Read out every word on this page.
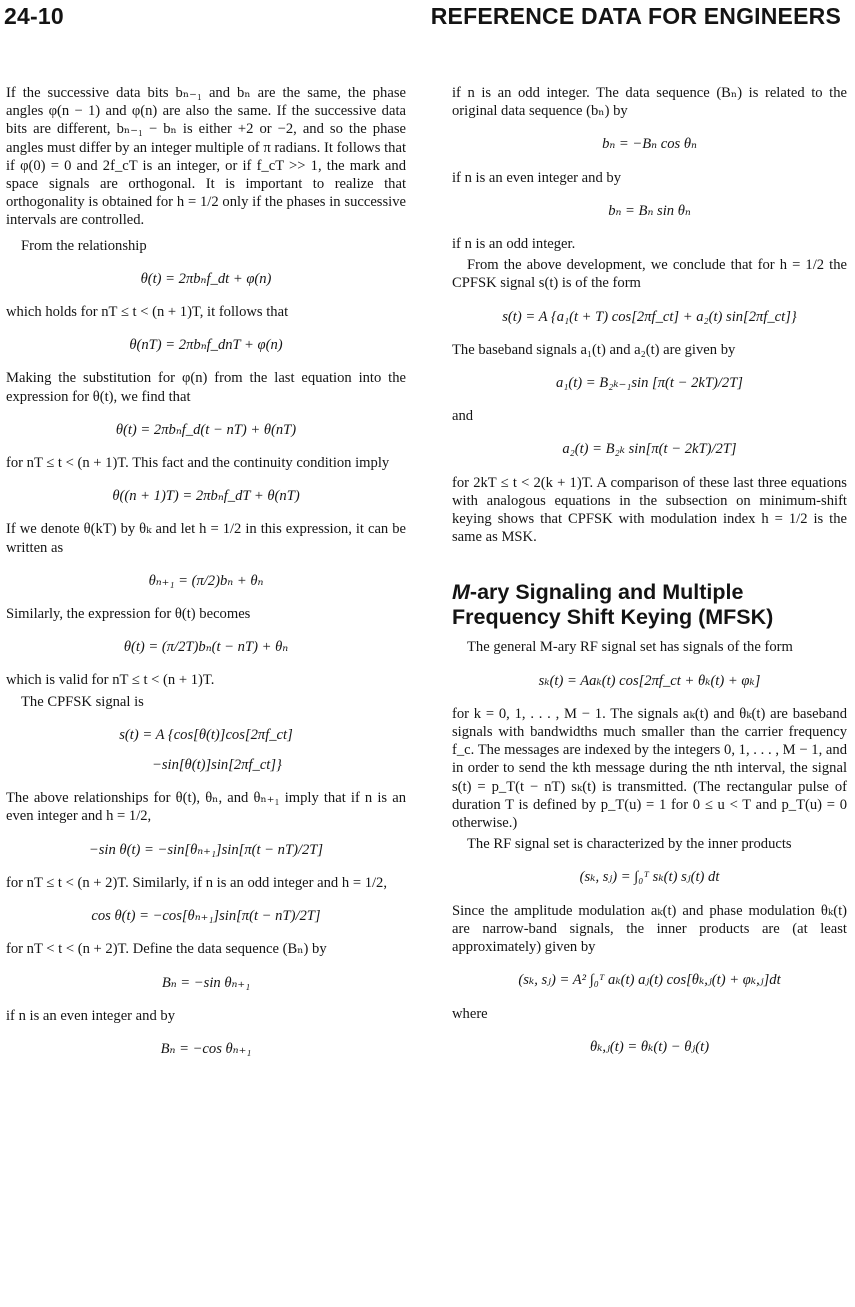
24-10	REFERENCE DATA FOR ENGINEERS

If the successive data bits bₙ₋₁ and bₙ are the same, the phase angles φ(n − 1) and φ(n) are also the same. If the successive data bits are different, bₙ₋₁ − bₙ is either +2 or −2, and so the phase angles must differ by an integer multiple of π radians. It follows that if φ(0) = 0 and 2f_cT is an integer, or if f_cT >> 1, the mark and space signals are orthogonal. It is important to realize that orthogonality is obtained for h = 1/2 only if the phases in successive intervals are controlled.

From the relationship

θ(t) = 2πbₙf_dt + φ(n)

which holds for nT ≤ t < (n + 1)T, it follows that

θ(nT) = 2πbₙf_dnT + φ(n)

Making the substitution for φ(n) from the last equation into the expression for θ(t), we find that

θ(t) = 2πbₙf_d(t − nT) + θ(nT)

for nT ≤ t < (n + 1)T. This fact and the continuity condition imply

θ((n + 1)T) = 2πbₙf_dT + θ(nT)

If we denote θ(kT) by θₖ and let h = 1/2 in this expression, it can be written as

θₙ₊₁ = (π/2)bₙ + θₙ

Similarly, the expression for θ(t) becomes

θ(t) = (π/2T)bₙ(t − nT) + θₙ

which is valid for nT ≤ t < (n + 1)T.

The CPFSK signal is

s(t) = A {cos[θ(t)]cos[2πf_ct]
−sin[θ(t)]sin[2πf_ct]}

The above relationships for θ(t), θₙ, and θₙ₊₁ imply that if n is an even integer and h = 1/2,

−sin θ(t) = −sin[θₙ₊₁]sin[π(t − nT)/2T]

for nT ≤ t < (n + 2)T. Similarly, if n is an odd integer and h = 1/2,

cos θ(t) = −cos[θₙ₊₁]sin[π(t − nT)/2T]

for nT < t < (n + 2)T. Define the data sequence (Bₙ) by

Bₙ = −sin θₙ₊₁

if n is an even integer and by

Bₙ = −cos θₙ₊₁

if n is an odd integer. The data sequence (Bₙ) is related to the original data sequence (bₙ) by

bₙ = −Bₙ cos θₙ

if n is an even integer and by

bₙ = Bₙ sin θₙ

if n is an odd integer.

From the above development, we conclude that for h = 1/2 the CPFSK signal s(t) is of the form

s(t) = A {a₁(t + T) cos[2πf_ct] + a₂(t) sin[2πf_ct]}

The baseband signals a₁(t) and a₂(t) are given by

a₁(t) = B₂ₖ₋₁sin [π(t − 2kT)/2T]

and

a₂(t) = B₂ₖ sin[π(t − 2kT)/2T]

for 2kT ≤ t < 2(k + 1)T. A comparison of these last three equations with analogous equations in the subsection on minimum-shift keying shows that CPFSK with modulation index h = 1/2 is the same as MSK.

M-ary Signaling and Multiple Frequency Shift Keying (MFSK)

The general M-ary RF signal set has signals of the form

sₖ(t) = Aaₖ(t) cos[2πf_ct + θₖ(t) + φₖ]

for k = 0, 1, . . . , M − 1. The signals aₖ(t) and θₖ(t) are baseband signals with bandwidths much smaller than the carrier frequency f_c. The messages are indexed by the integers 0, 1, . . . , M − 1, and in order to send the kth message during the nth interval, the signal s(t) = p_T(t − nT) sₖ(t) is transmitted. (The rectangular pulse of duration T is defined by p_T(u) = 1 for 0 ≤ u < T and p_T(u) = 0 otherwise.)

The RF signal set is characterized by the inner products

(sₖ, sⱼ) = ∫₀ᵀ sₖ(t) sⱼ(t) dt

Since the amplitude modulation aₖ(t) and phase modulation θₖ(t) are narrow-band signals, the inner products are (at least approximately) given by

(sₖ, sⱼ) = A² ∫₀ᵀ aₖ(t) aⱼ(t) cos[θₖ,ⱼ(t) + φₖ,ⱼ]dt

where

θₖ,ⱼ(t) = θₖ(t) − θⱼ(t)
